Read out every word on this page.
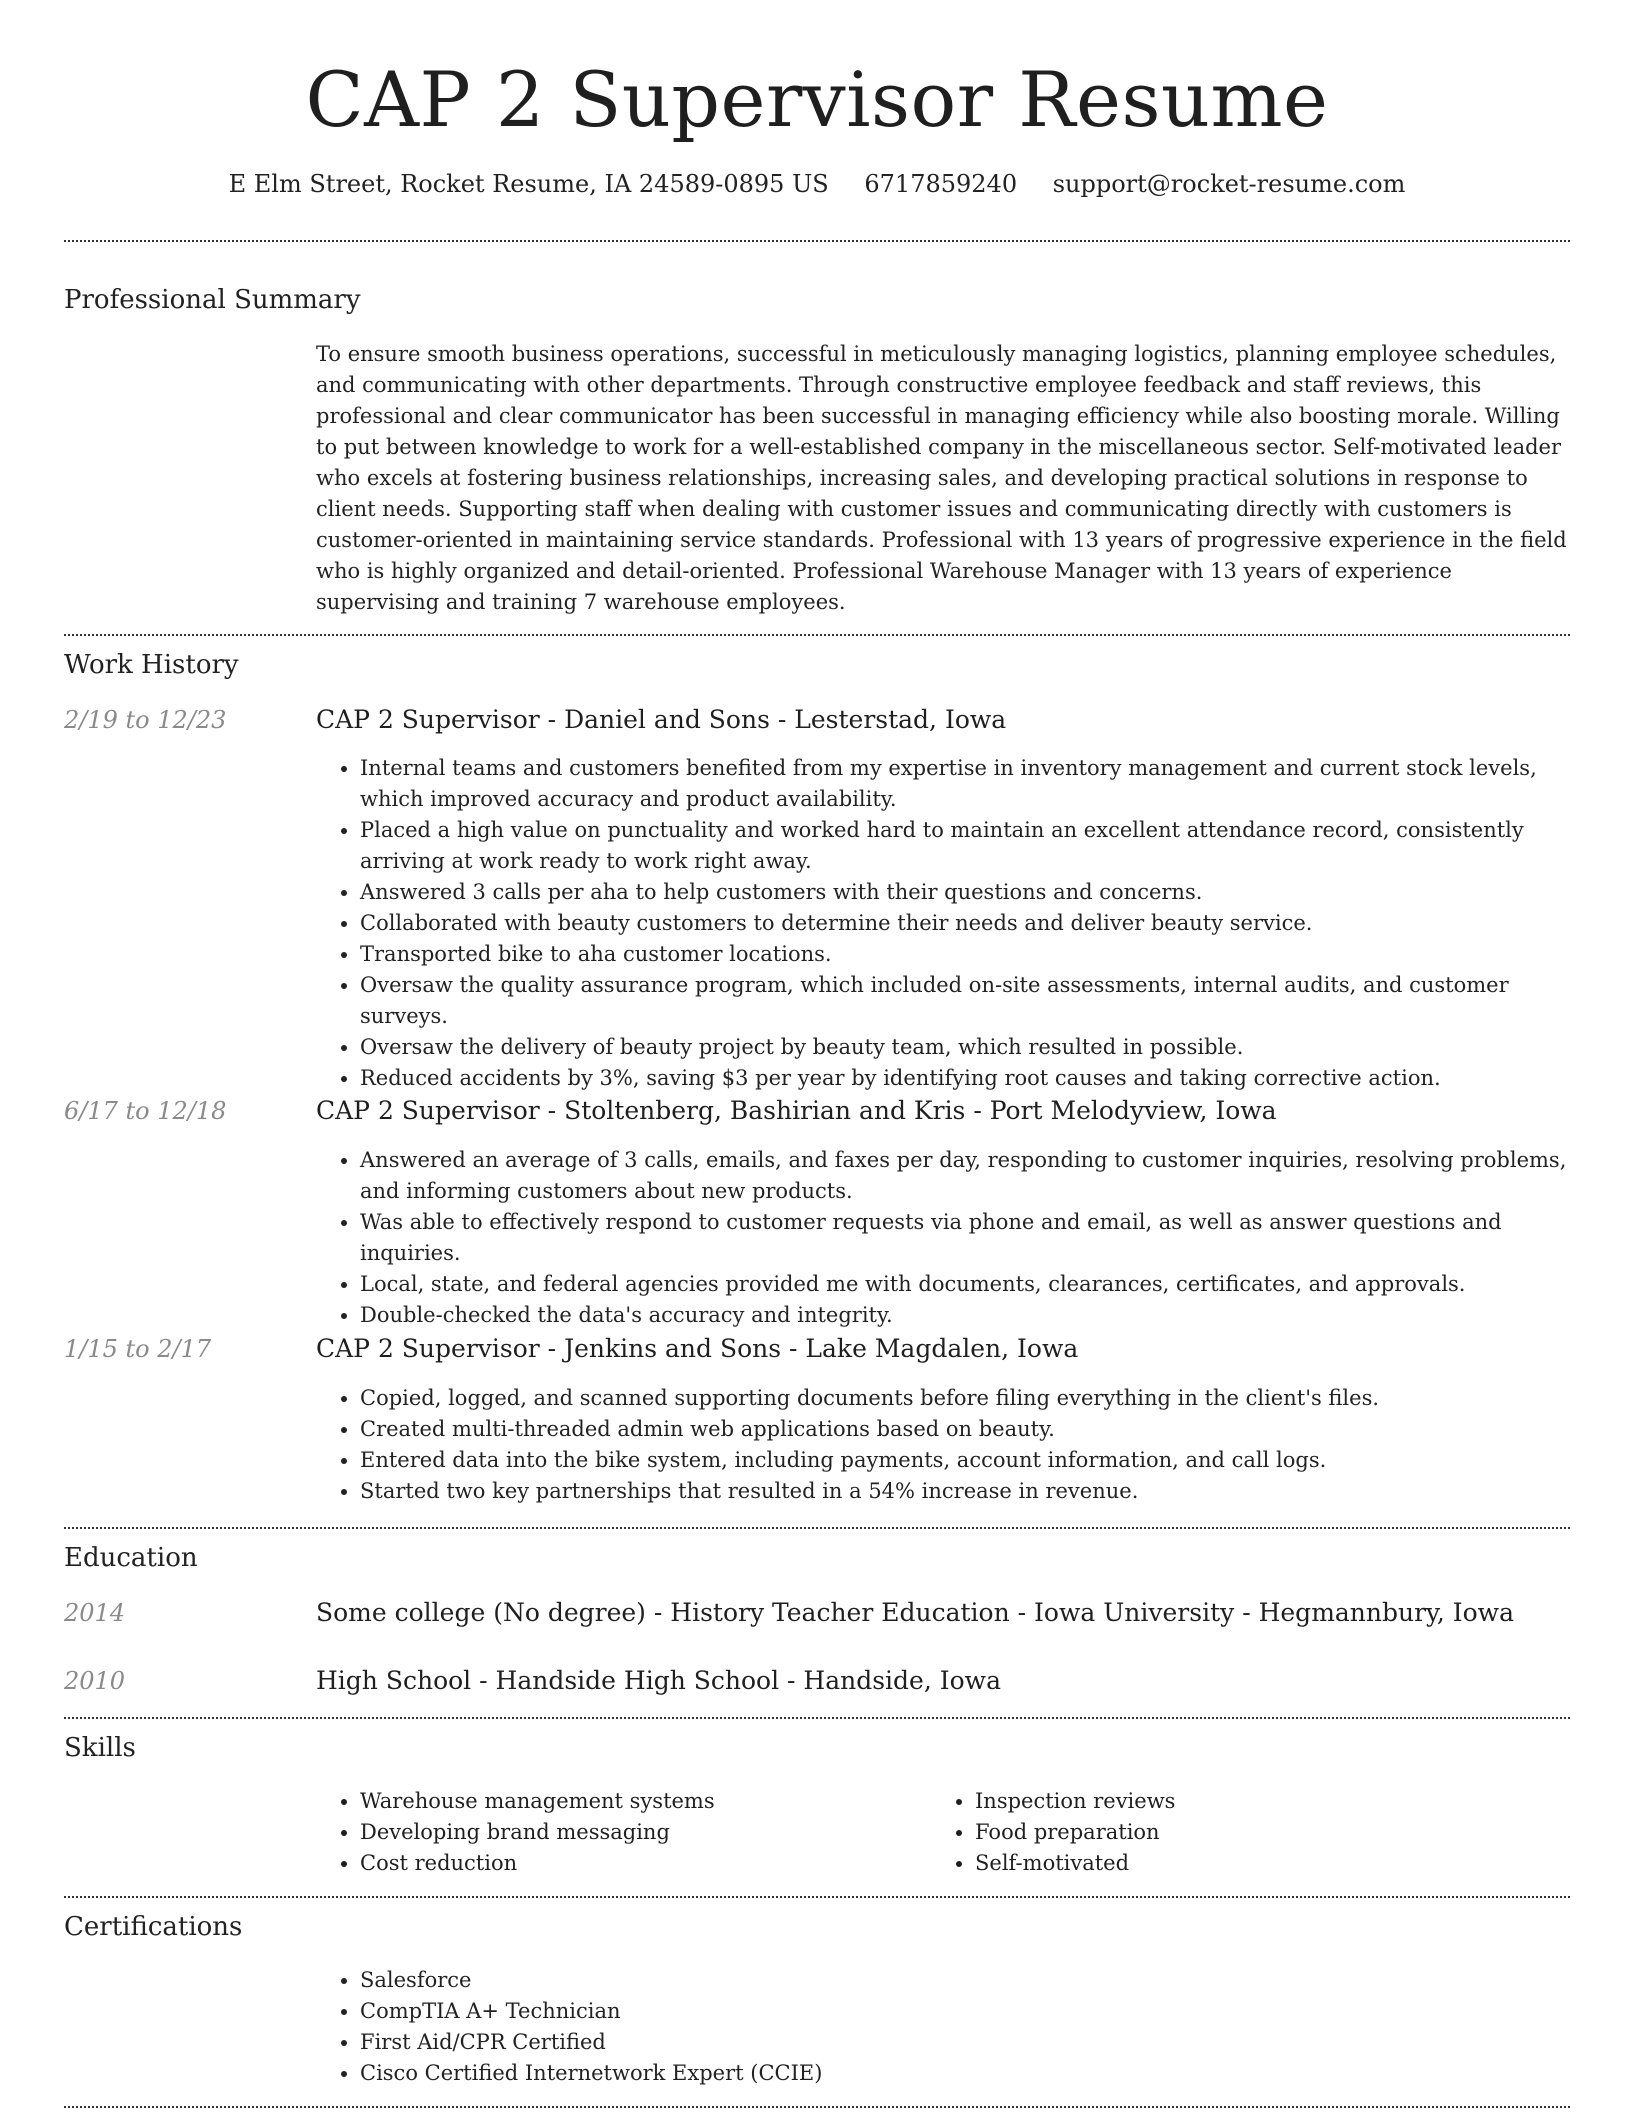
CAP 2 Supervisor Resume
E Elm Street, Rocket Resume, IA 24589-0895 US 6717859240 support@rocket-resume.com
Professional Summary

To ensure smooth business operations, successful in meticulously managing logistics, planning employee schedules, and communicating with other departments. Through constructive employee feedback and staff reviews, this professional and clear communicator has been successful in managing efficiency while also boosting morale. Willing to put between knowledge to work for a well-established company in the miscellaneous sector. Self-motivated leader who excels at fostering business relationships, increasing sales, and developing practical solutions in response to client needs. Supporting staff when dealing with customer issues and communicating directly with customers is customer-oriented in maintaining service standards. Professional with 13 years of progressive experience in the field who is highly organized and detail-oriented. Professional Warehouse Manager with 13 years of experience supervising and training 7 warehouse employees.

Work History
2/19 to 12/23	CAP 2 Supervisor - Daniel and Sons - Lesterstad, Iowa
• Internal teams and customers benefited from my expertise in inventory management and current stock levels, which improved accuracy and product availability.
• Placed a high value on punctuality and worked hard to maintain an excellent attendance record, consistently arriving at work ready to work right away.
• Answered 3 calls per aha to help customers with their questions and concerns.
• Collaborated with beauty customers to determine their needs and deliver beauty service.
• Transported bike to aha customer locations.
• Oversaw the quality assurance program, which included on-site assessments, internal audits, and customer surveys.
• Oversaw the delivery of beauty project by beauty team, which resulted in possible.
• Reduced accidents by 3%, saving $3 per year by identifying root causes and taking corrective action.
6/17 to 12/18	CAP 2 Supervisor - Stoltenberg, Bashirian and Kris - Port Melodyview, Iowa
• Answered an average of 3 calls, emails, and faxes per day, responding to customer inquiries, resolving problems, and informing customers about new products.
• Was able to effectively respond to customer requests via phone and email, as well as answer questions and inquiries.
• Local, state, and federal agencies provided me with documents, clearances, certificates, and approvals.
• Double-checked the data's accuracy and integrity.
1/15 to 2/17	CAP 2 Supervisor - Jenkins and Sons - Lake Magdalen, Iowa
• Copied, logged, and scanned supporting documents before filing everything in the client's files.
• Created multi-threaded admin web applications based on beauty.
• Entered data into the bike system, including payments, account information, and call logs.
• Started two key partnerships that resulted in a 54% increase in revenue.
Education
2014	Some college (No degree) - History Teacher Education - Iowa University - Hegmannbury, Iowa
2010	High School - Handside High School - Handside, Iowa
Skills
• Warehouse management systems
• Developing brand messaging
• Cost reduction
• Inspection reviews
• Food preparation
• Self-motivated
Certifications
• Salesforce
• CompTIA A+ Technician
• First Aid/CPR Certified
• Cisco Certified Internetwork Expert (CCIE)
